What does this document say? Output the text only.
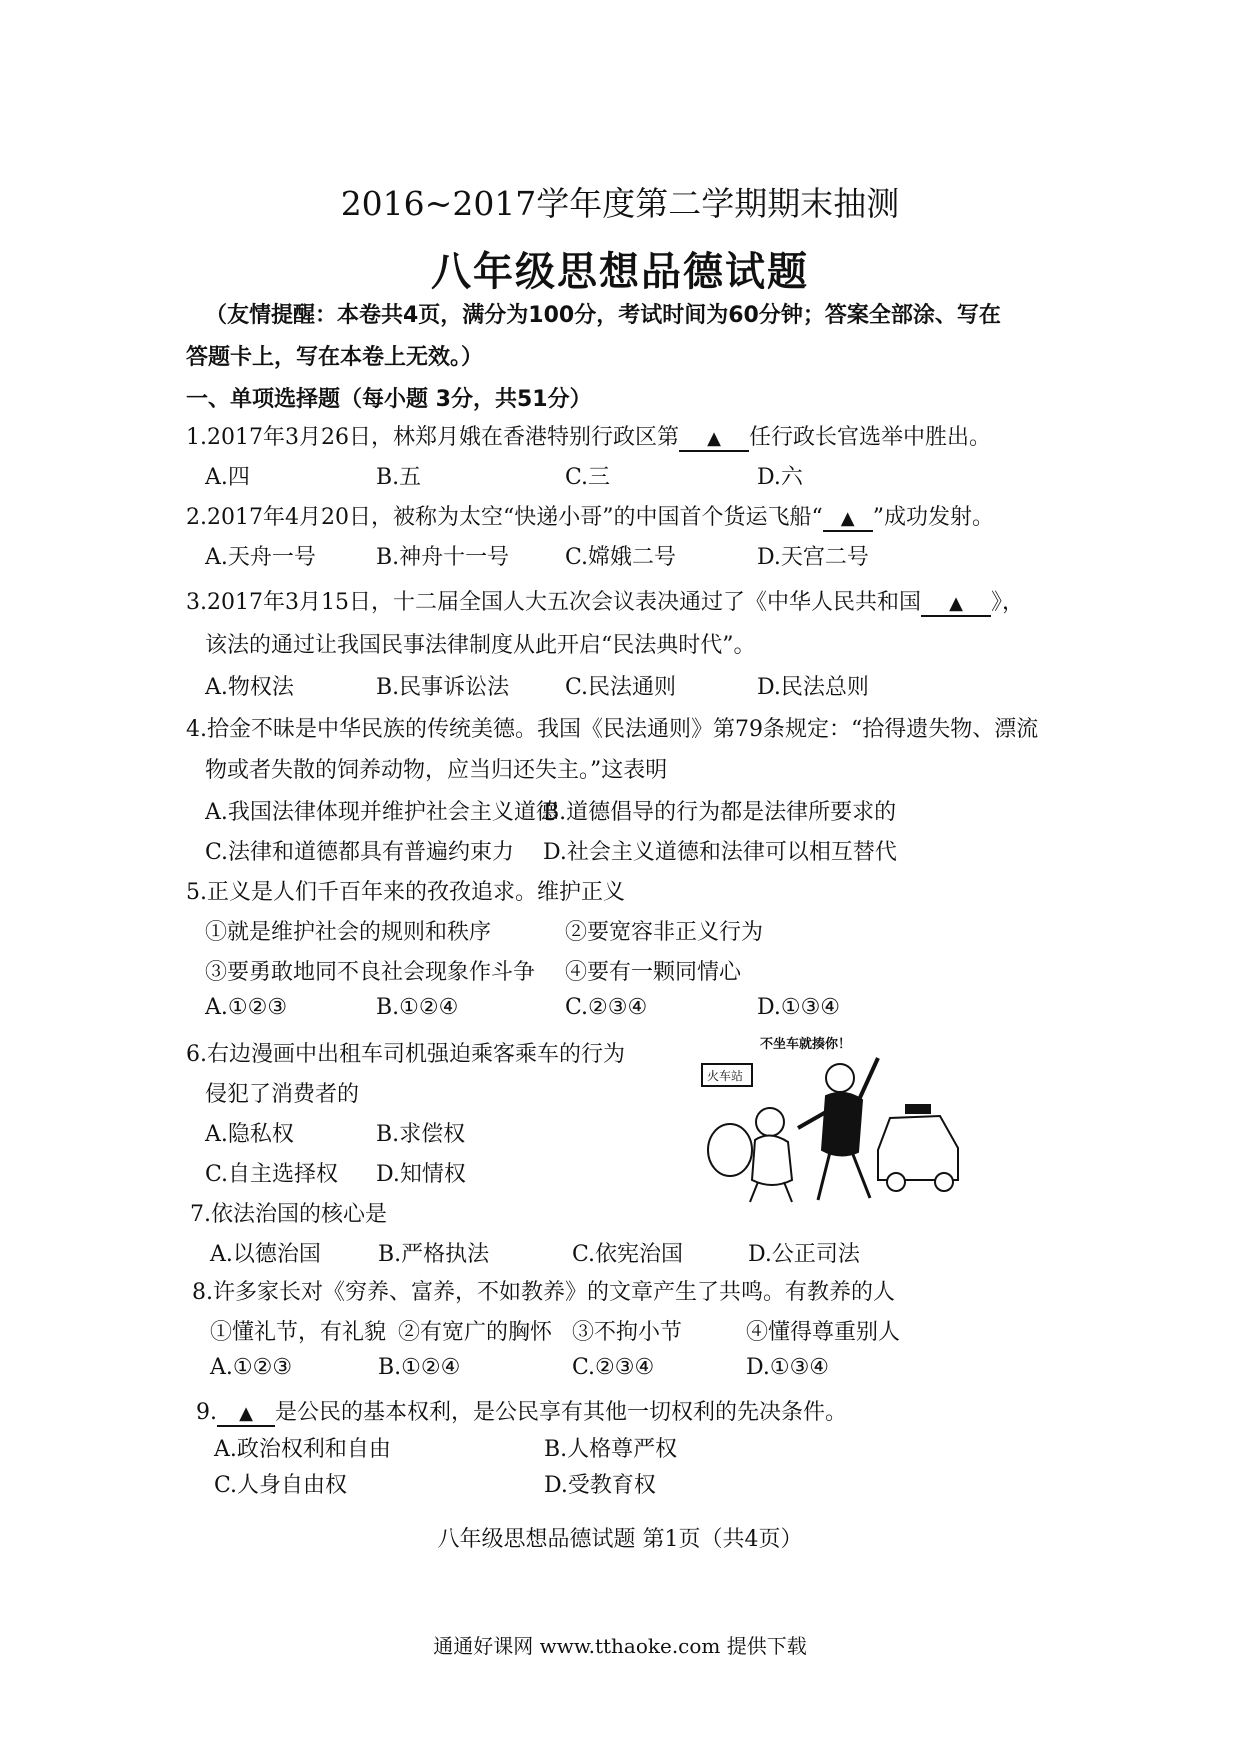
2016~2017学年度第二学期期末抽测
八年级思想品德试题
（友情提醒：本卷共4页，满分为100分，考试时间为60分钟；答案全部涂、写在
答题卡上，写在本卷上无效。）
一、单项选择题（每小题 3分，共51分）
1.2017年3月26日，林郑月娥在香港特别行政区第 ▲ 任行政长官选举中胜出。
A.四	B.五	C.三	D.六
2.2017年4月20日，被称为太空“快递小哥”的中国首个货运飞船“ ▲ ”成功发射。
A.天舟一号	B.神舟十一号	C.嫦娥二号	D.天宫二号
3.2017年3月15日，十二届全国人大五次会议表决通过了《中华人民共和国 ▲ 》，
该法的通过让我国民事法律制度从此开启“民法典时代”。
A.物权法	B.民事诉讼法	C.民法通则	D.民法总则
4.拾金不昧是中华民族的传统美德。我国《民法通则》第79条规定：“拾得遗失物、漂流
物或者失散的饲养动物，应当归还失主。”这表明
A.我国法律体现并维护社会主义道德
B.道德倡导的行为都是法律所要求的
C.法律和道德都具有普遍约束力 D.社会主义道德和法律可以相互替代
5.正义是人们千百年来的孜孜追求。维护正义
①就是维护社会的规则和秩序	②要宽容非正义行为
③要勇敢地同不良社会现象作斗争 ④要有一颗同情心
A.①②③	B.①②④	C.②③④	D.①③④
6.右边漫画中出租车司机强迫乘客乘车的行为
侵犯了消费者的
A.隐私权	B.求偿权
C.自主选择权 D.知情权
不坐车就揍你！
火车站
7.依法治国的核心是
A.以德治国	B.严格执法	C.依宪治国	D.公正司法
8.许多家长对《穷养、富养，不如教养》的文章产生了共鸣。有教养的人
①懂礼节，有礼貌 ②有宽广的胸怀 ③不拘小节	④懂得尊重别人
A.①②③	B.①②④	C.②③④	D.①③④
9. ▲ 是公民的基本权利，是公民享有其他一切权利的先决条件。
A.政治权利和自由	B.人格尊严权
C.人身自由权	D.受教育权
八年级思想品德试题 第1页（共4页）
通通好课网 www.tthaoke.com 提供下载
